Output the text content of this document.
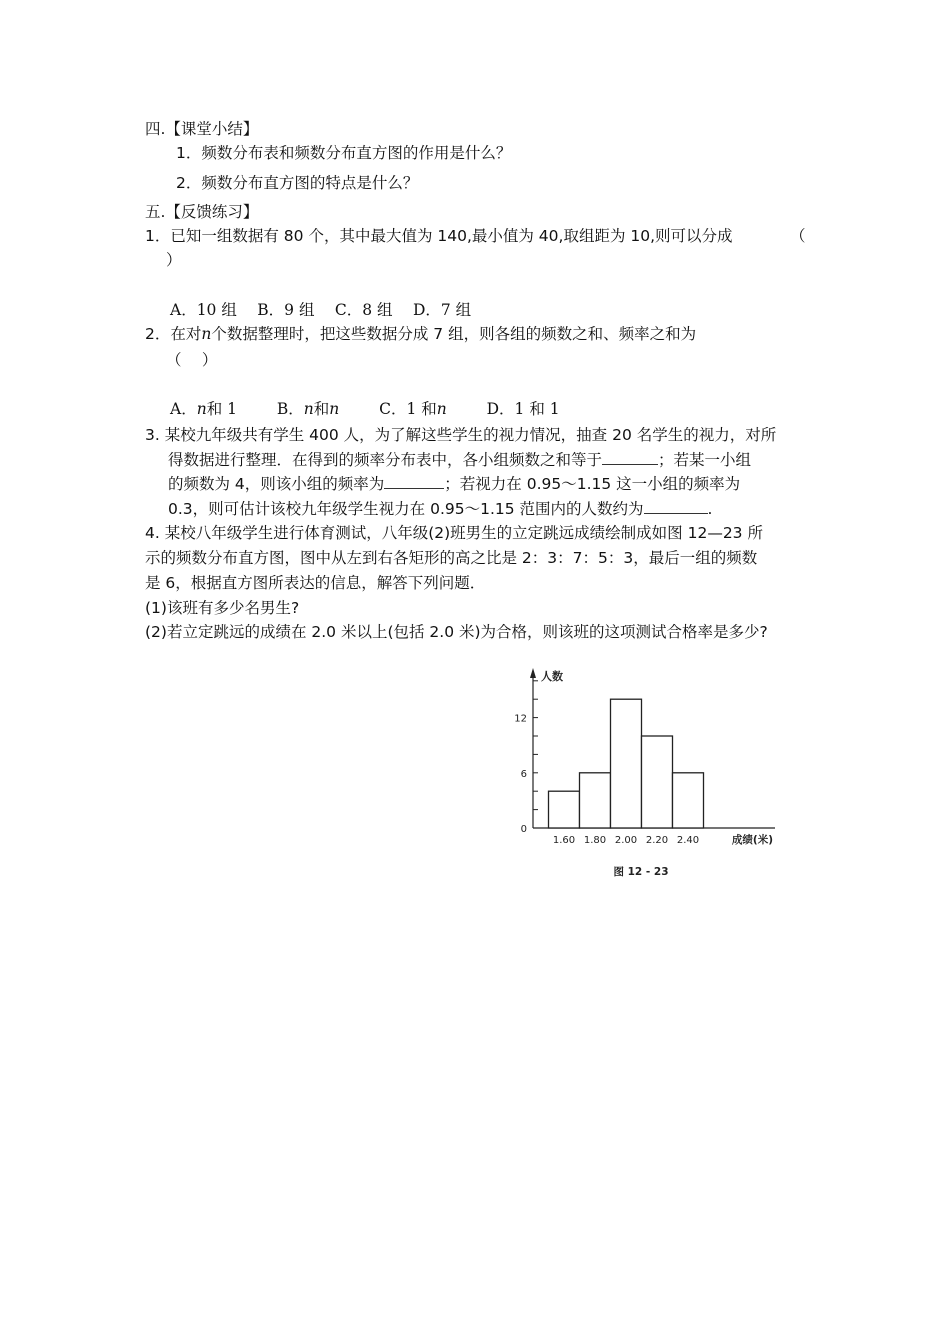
四.【课堂小结】
1．频数分布表和频数分布直方图的作用是什么？
2．频数分布直方图的特点是什么？
五.【反馈练习】
1．已知一组数据有 80 个，其中最大值为 140,最小值为 40,取组距为 10,则可以分成	（
）
A．10 组　 B．9 组　 C．8 组　 D．7 组
2．在对n个数据整理时，把这些数据分成 7 组，则各组的频数之和、频率之和为
（　 ）
A．n和 1	B．n和n	C．1 和n	D．1 和 1
3. 某校九年级共有学生 400 人，为了解这些学生的视力情况，抽查 20 名学生的视力，对所
得数据进行整理．在得到的频率分布表中，各小组频数之和等于	；若某一小组
的频数为 4，则该小组的频率为	；若视力在 0.95～1.15 这一小组的频率为
0.3，则可估计该校九年级学生视力在 0.95～1.15 范围内的人数约为	.
4. 某校八年级学生进行体育测试，八年级(2)班男生的立定跳远成绩绘制成如图 12—23 所
示的频数分布直方图，图中从左到右各矩形的高之比是 2：3：7：5：3，最后一组的频数
是 6，根据直方图所表达的信息，解答下列问题．
(1)该班有多少名男生?
(2)若立定跳远的成绩在 2.0 米以上(包括 2.0 米)为合格，则该班的这项测试合格率是多少?
0
6
12
1.60 1.80 2.00 2.20 2.40
人数
成绩(米)
图 12 - 23
